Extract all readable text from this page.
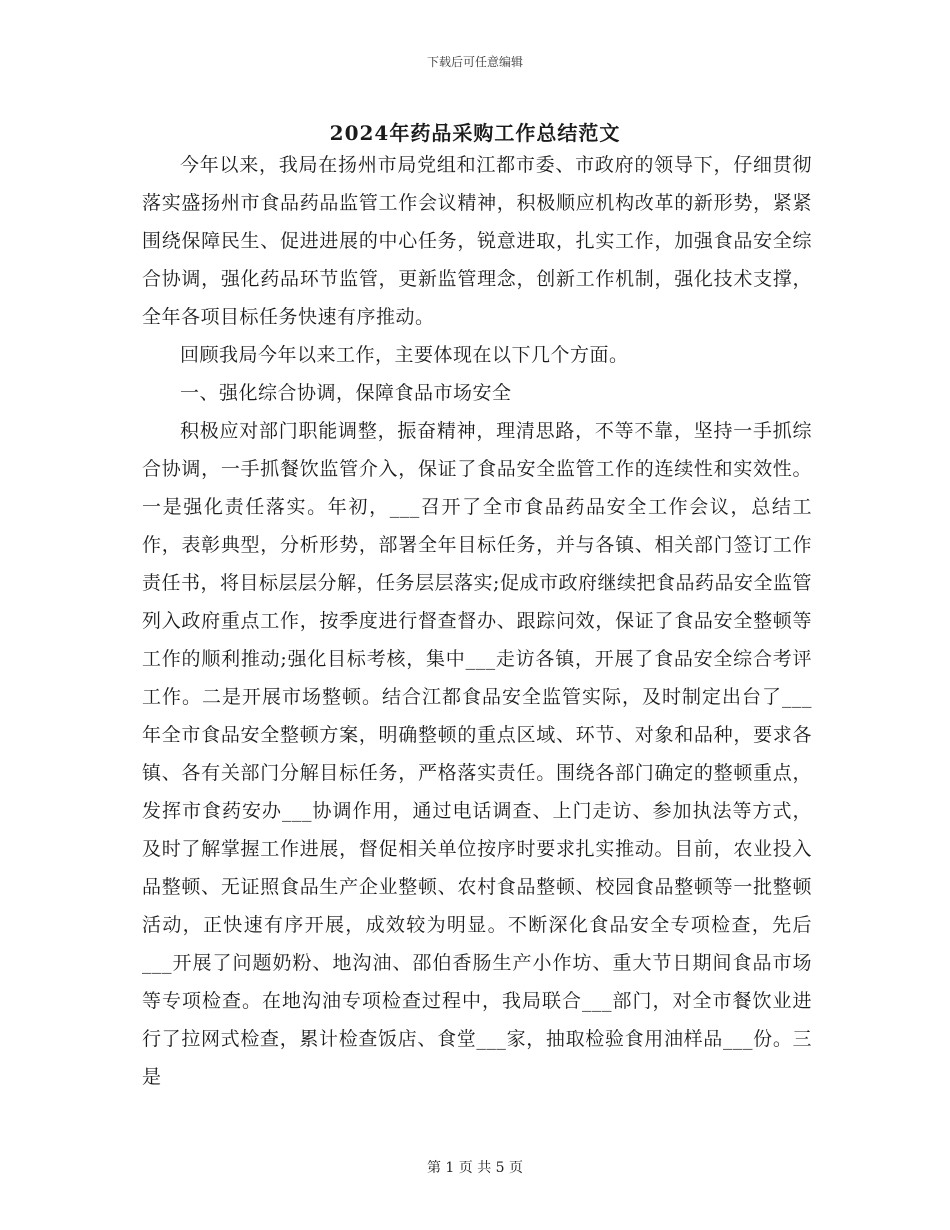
下载后可任意编辑
2024年药品采购工作总结范文

今年以来，我局在扬州市局党组和江都市委、市政府的领导下，仔细贯彻落实盛扬州市食品药品监管工作会议精神，积极顺应机构改革的新形势，紧紧围绕保障民生、促进进展的中心任务，锐意进取，扎实工作，加强食品安全综合协调，强化药品环节监管，更新监管理念，创新工作机制，强化技术支撑，全年各项目标任务快速有序推动。

回顾我局今年以来工作，主要体现在以下几个方面。

一、强化综合协调，保障食品市场安全

积极应对部门职能调整，振奋精神，理清思路，不等不靠，坚持一手抓综合协调，一手抓餐饮监管介入，保证了食品安全监管工作的连续性和实效性。一是强化责任落实。年初，___召开了全市食品药品安全工作会议，总结工作，表彰典型，分析形势，部署全年目标任务，并与各镇、相关部门签订工作责任书，将目标层层分解，任务层层落实;促成市政府继续把食品药品安全监管列入政府重点工作，按季度进行督查督办、跟踪问效，保证了食品安全整顿等工作的顺利推动;强化目标考核，集中___走访各镇，开展了食品安全综合考评工作。二是开展市场整顿。结合江都食品安全监管实际，及时制定出台了___年全市食品安全整顿方案，明确整顿的重点区域、环节、对象和品种，要求各镇、各有关部门分解目标任务，严格落实责任。围绕各部门确定的整顿重点，发挥市食药安办___协调作用，通过电话调查、上门走访、参加执法等方式，及时了解掌握工作进展，督促相关单位按序时要求扎实推动。目前，农业投入品整顿、无证照食品生产企业整顿、农村食品整顿、校园食品整顿等一批整顿活动，正快速有序开展，成效较为明显。不断深化食品安全专项检查，先后___开展了问题奶粉、地沟油、邵伯香肠生产小作坊、重大节日期间食品市场等专项检查。在地沟油专项检查过程中，我局联合___部门，对全市餐饮业进行了拉网式检查，累计检查饭店、食堂___家，抽取检验食用油样品___份。三是

第 1 页 共 5 页
